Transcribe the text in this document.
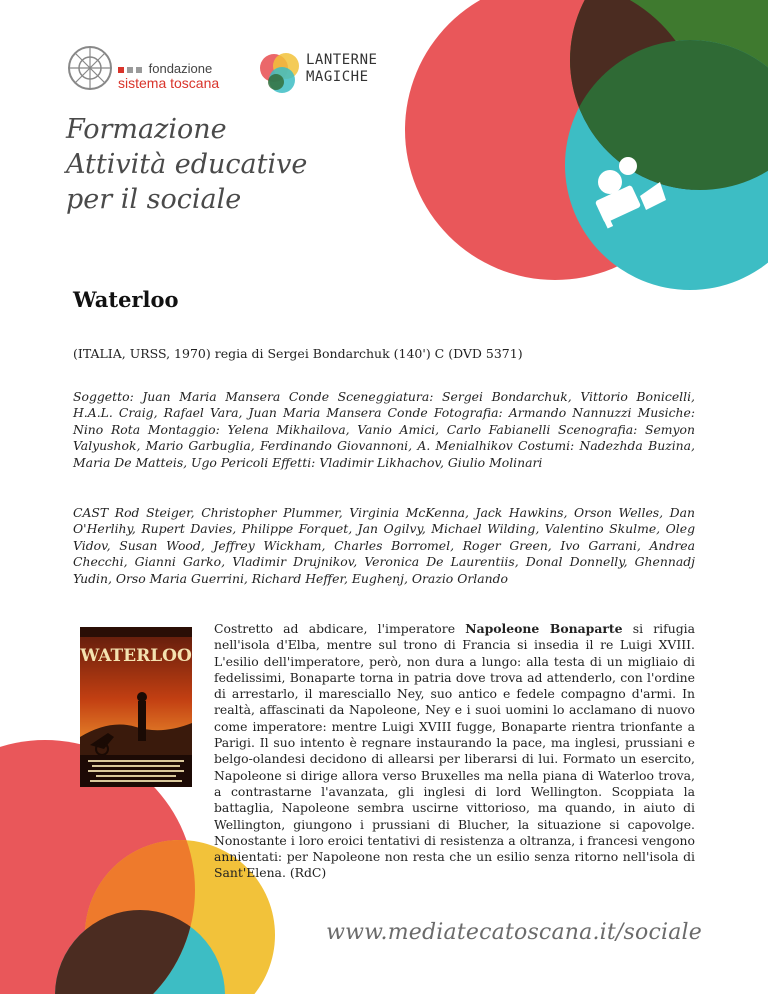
fondazione
sistema toscana
LANTERNE
MAGICHE
Formazione
Attività educative
per il sociale
Waterloo
(ITALIA, URSS, 1970) regia di Sergei Bondarchuk (140') C (DVD 5371)
Soggetto: Juan Maria Mansera Conde Sceneggiatura: Sergei Bondarchuk, Vittorio Bonicelli, H.A.L. Craig, Rafael Vara, Juan Maria Mansera Conde Fotografia: Armando Nannuzzi Musiche: Nino Rota Montaggio: Yelena Mikhailova, Vanio Amici, Carlo Fabianelli Scenografia: Semyon Valyushok, Mario Garbuglia, Ferdinando Giovannoni, A. Menialhikov Costumi: Nadezhda Buzina, Maria De Matteis, Ugo Pericoli Effetti: Vladimir Likhachov, Giulio Molinari
CAST Rod Steiger, Christopher Plummer, Virginia McKenna, Jack Hawkins, Orson Welles, Dan O'Herlihy, Rupert Davies, Philippe Forquet, Jan Ogilvy, Michael Wilding, Valentino Skulme, Oleg Vidov, Susan Wood, Jeffrey Wickham, Charles Borromel, Roger Green, Ivo Garrani, Andrea Checchi, Gianni Garko, Vladimir Drujnikov, Veronica De Laurentiis, Donal Donnelly, Ghennadj Yudin, Orso Maria Guerrini, Richard Heffer, Eughenj, Orazio Orlando
WATERLOO
Costretto ad abdicare, l'imperatore Napoleone Bonaparte si rifugia nell'isola d'Elba, mentre sul trono di Francia si insedia il re Luigi XVIII. L'esilio dell'imperatore, però, non dura a lungo: alla testa di un migliaio di fedelissimi, Bonaparte torna in patria dove trova ad attenderlo, con l'ordine di arrestarlo, il maresciallo Ney, suo antico e fedele compagno d'armi. In realtà, affascinati da Napoleone, Ney e i suoi uomini lo acclamano di nuovo come imperatore: mentre Luigi XVIII fugge, Bonaparte rientra trionfante a Parigi. Il suo intento è regnare instaurando la pace, ma inglesi, prussiani e belgo-olandesi decidono di allearsi per liberarsi di lui. Formato un esercito, Napoleone si dirige allora verso Bruxelles ma nella piana di Waterloo trova, a contrastarne l'avanzata, gli inglesi di lord Wellington. Scoppiata la battaglia, Napoleone sembra uscirne vittorioso, ma quando, in aiuto di Wellington, giungono i prussiani di Blucher, la situazione si capovolge. Nonostante i loro eroici tentativi di resistenza a oltranza, i francesi vengono annientati: per Napoleone non resta che un esilio senza ritorno nell'isola di Sant'Elena. (RdC)
www.mediatecatoscana.it/sociale
